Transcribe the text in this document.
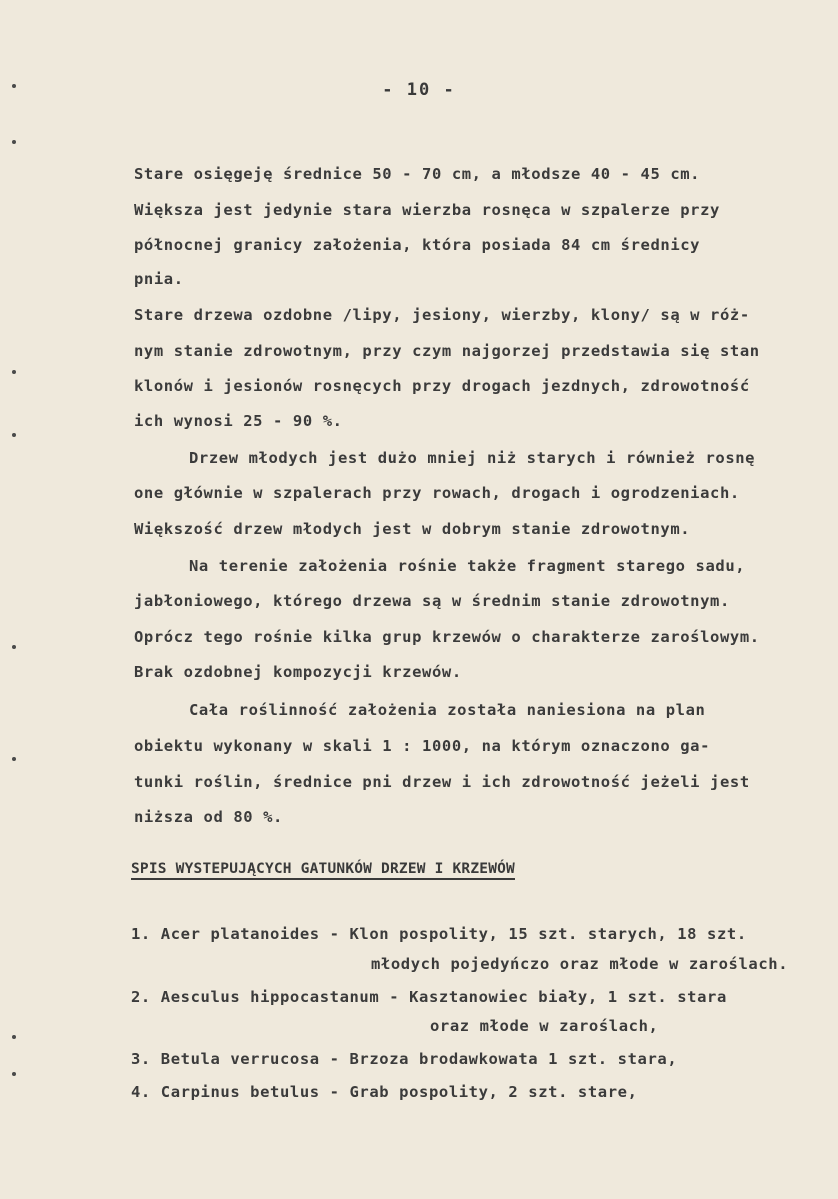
- 10 -
Stare osięgeję średnice 50 - 70 cm, a młodsze 40 - 45 cm.
Większa jest jedynie stara wierzba rosnęca w szpalerze przy
północnej granicy założenia, która posiada 84 cm średnicy
pnia.
Stare drzewa ozdobne /lipy, jesiony, wierzby, klony/ są w róż-
nym stanie zdrowotnym, przy czym najgorzej przedstawia się stan
klonów i jesionów rosnęcych przy drogach jezdnych, zdrowotność
ich wynosi 25 - 90 %.
Drzew młodych jest dużo mniej niż starych i również rosnę
one głównie w szpalerach przy rowach, drogach i ogrodzeniach.
Większość drzew młodych jest w dobrym stanie zdrowotnym.
Na terenie założenia rośnie także fragment starego sadu,
jabłoniowego, którego drzewa są w średnim stanie zdrowotnym.
Oprócz tego rośnie kilka grup krzewów o charakterze zaroślowym.
Brak ozdobnej kompozycji krzewów.
Cała roślinność założenia została naniesiona na plan
obiektu wykonany w skali 1 : 1000, na którym oznaczono ga-
tunki roślin, średnice pni drzew i ich zdrowotność jeżeli jest
niższa od 80 %.
SPIS WYSTEPUJĄCYCH GATUNKÓW DRZEW I KRZEWÓW
1. Acer platanoides - Klon pospolity, 15 szt. starych, 18 szt.
młodych pojedyńczo oraz młode w zaroślach.
2. Aesculus hippocastanum - Kasztanowiec biały, 1 szt. stara
oraz młode w zaroślach,
3. Betula verrucosa - Brzoza brodawkowata 1 szt. stara,
4. Carpinus betulus - Grab pospolity, 2 szt. stare,
